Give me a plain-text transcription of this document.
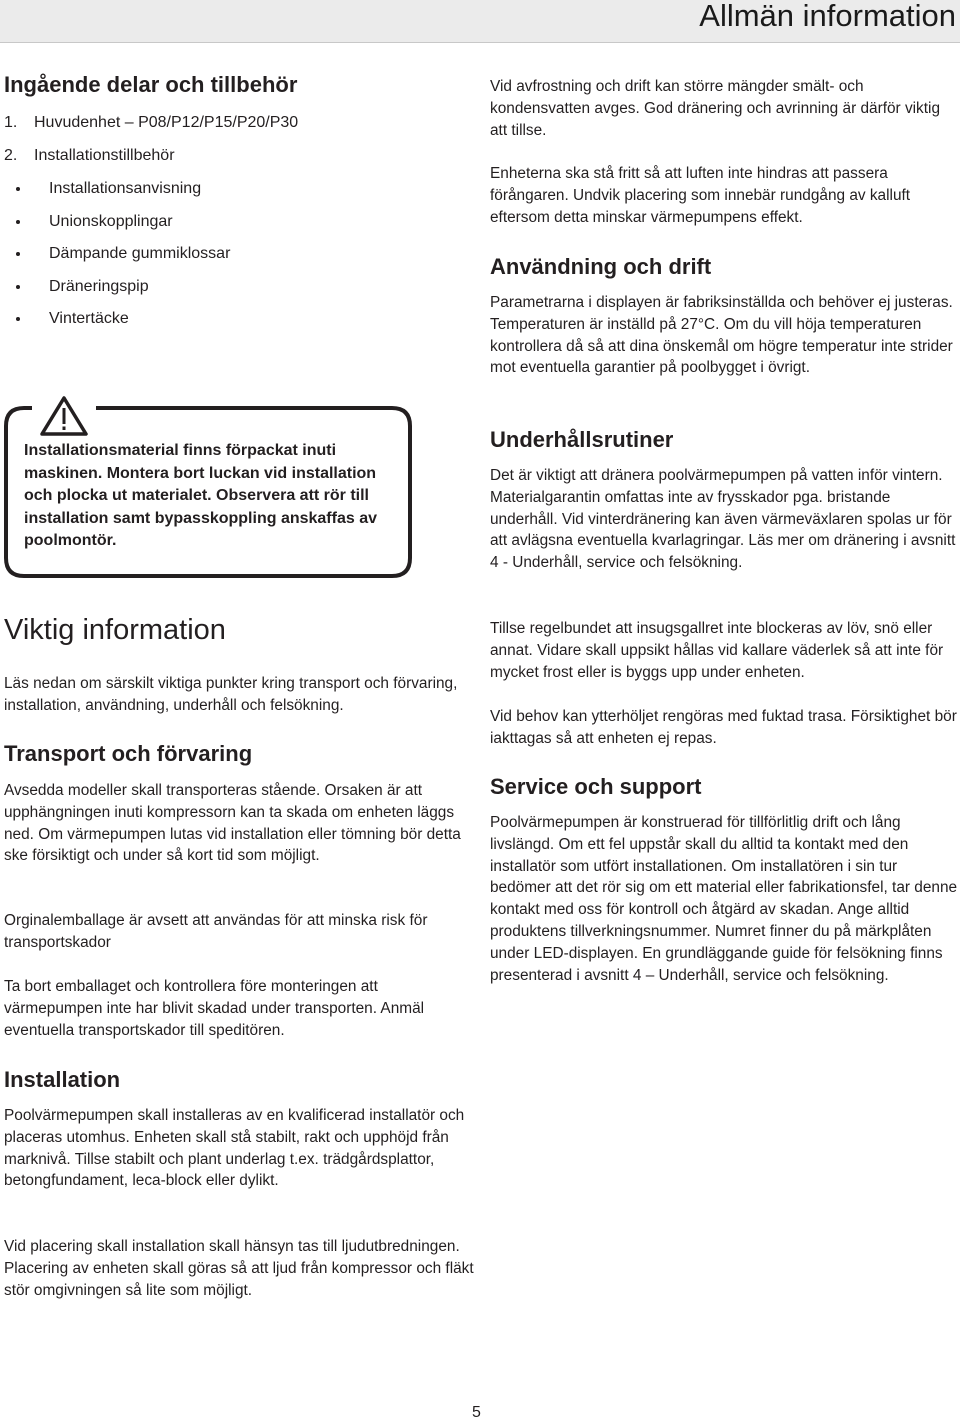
Allmän information
Ingående delar och tillbehör
1. Huvudenhet – P08/P12/P15/P20/P30
2. Installationstillbehör
Installationsanvisning
Unionskopplingar
Dämpande gummiklossar
Dräneringspip
Vintertäcke
Installationsmaterial finns förpackat inuti maskinen. Montera bort luckan vid installation och plocka ut materialet. Observera att rör till installation samt bypasskoppling anskaffas av poolmontör.
Viktig information

Läs nedan om särskilt viktiga punkter kring transport och förvaring, installation, användning, underhåll och felsökning.

Transport och förvaring

Avsedda modeller skall transporteras stående. Orsaken är att upphängningen inuti kompressorn kan ta skada om enheten läggs ned. Om värmepumpen lutas vid installation eller tömning bör detta ske försiktigt och under så kort tid som möjligt.

Orginalemballage är avsett att användas för att minska risk för transportskador

Ta bort emballaget och kontrollera före monteringen att värmepumpen inte har blivit skadad under transporten. Anmäl eventuella transportskador till speditören.

Installation

Poolvärmepumpen skall installeras av en kvalificerad installatör och placeras utomhus. Enheten skall stå stabilt, rakt och upphöjd från marknivå. Tillse stabilt och plant underlag t.ex. trädgårdsplattor, betongfundament, leca-block eller dylikt.

Vid placering skall installation skall hänsyn tas till ljudutbredningen. Placering av enheten skall göras så att ljud från kompressor och fläkt stör omgivningen så lite som möjligt.

Vid avfrostning och drift kan större mängder smält- och kondensvatten avges. God dränering och avrinning är därför viktig att tillse.

Enheterna ska stå fritt så att luften inte hindras att passera förångaren. Undvik placering som innebär rundgång av kalluft eftersom detta minskar värmepumpens effekt.

Användning och drift

Parametrarna i displayen är fabriksinställda och behöver ej justeras. Temperaturen är inställd på 27°C. Om du vill höja temperaturen kontrollera då så att dina önskemål om högre temperatur inte strider mot eventuella garantier på poolbygget i övrigt.

Underhållsrutiner

Det är viktigt att dränera poolvärmepumpen på vatten inför vintern. Materialgarantin omfattas inte av frysskador pga. bristande underhåll. Vid vinterdränering kan även värmeväxlaren spolas ur för att avlägsna eventuella kvarlagringar. Läs mer om dränering i avsnitt 4 - Underhåll, service och felsökning.

Tillse regelbundet att insugsgallret inte blockeras av löv, snö eller annat. Vidare skall uppsikt hållas vid kallare väderlek så att inte för mycket frost eller is byggs upp under enheten.

Vid behov kan ytterhöljet rengöras med fuktad trasa. Försiktighet bör iakttagas så att enheten ej repas.

Service och support

Poolvärmepumpen är konstruerad för tillförlitlig drift och lång livslängd. Om ett fel uppstår skall du alltid ta kontakt med den installatör som utfört installationen. Om installatören i sin tur bedömer att det rör sig om ett material eller fabrikationsfel, tar denne kontakt med oss för kontroll och åtgärd av skadan. Ange alltid produktens tillverkningsnummer. Numret finner du på märkplåten under LED-displayen. En grundläggande guide för felsökning finns presenterad i avsnitt 4 – Underhåll, service och felsökning.

5
